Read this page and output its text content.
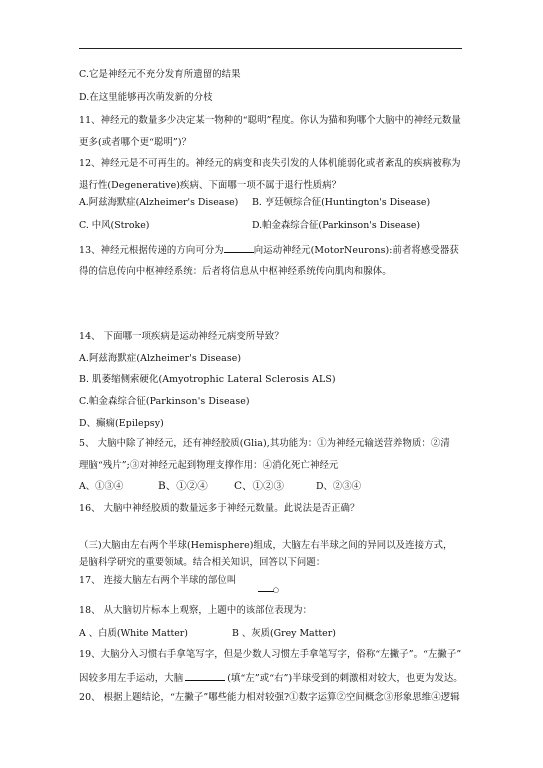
C.它是神经元不充分发育所遗留的结果
D.在这里能够再次萌发新的分枝
11、神经元的数量多少决定某一物种的“聪明”程度。你认为猫和狗哪个大脑中的神经元数量
更多(或者哪个更“聪明”)？
12、神经元是不可再生的。神经元的病变和丧失引发的人体机能弱化或者紊乱的疾病被称为
退行性(Degenerative)疾病、下面哪一项不属于退行性质病？
A.阿兹海默症(Alzheimer's Disease) B. 亨廷顿综合征(Huntington's Disease)
C. 中风(Stroke)	D.帕金森综合征(Parkinson's Disease)
13、神经元根据传递的方向可分为	向运动神经元(MotorNeurons):前者将感受器获
得的信息传向中枢神经系统：后者将信息从中枢神经系统传向肌肉和腺体。
14、 下面哪一项疾病是运动神经元病变所导致？
A.阿兹海默症(Alzheimer's Disease)
B. 肌萎缩侧索硬化(Amyotrophic Lateral Sclerosis ALS)
C.帕金森综合征(Parkinson's Disease)
D、癫痫(Epilepsy)
5、 大脑中除了神经元，还有神经胶质(Glia),其功能为：①为神经元输送营养物质：②清
理脑“残片”;③对神经元起到物理支撑作用：④消化死亡神经元
A、①③④	B、①②④	C、①②③	D、②③④
16、 大脑中神经胶质的数量远多于神经元数量。此说法是否正确？
（三)大脑由左右两个半球(Hemisphere)组成，大脑左右半球之间的异同以及连接方式，
是脑科学研究的重要领域。结合相关知识，回答以下问题：
17、 连接大脑左右两个半球的部位叫
○
18、 从大脑切片标本上观察，上题中的该部位表现为：
A 、白质(White Matter)	B 、灰质(Grey Matter)
19、大脑分入习惯右手拿笔写字，但是少数人习惯左手拿笔写字，俗称“左撇子”。“左撇子”
因较多用左手运动，大脑	(填“左”或“右”)半球受到的刺激相对较大，也更为发达。
20、 根据上题结论，“左撇子”哪些能力相对较强?①数字运算②空间概念③形象思维④逻辑
